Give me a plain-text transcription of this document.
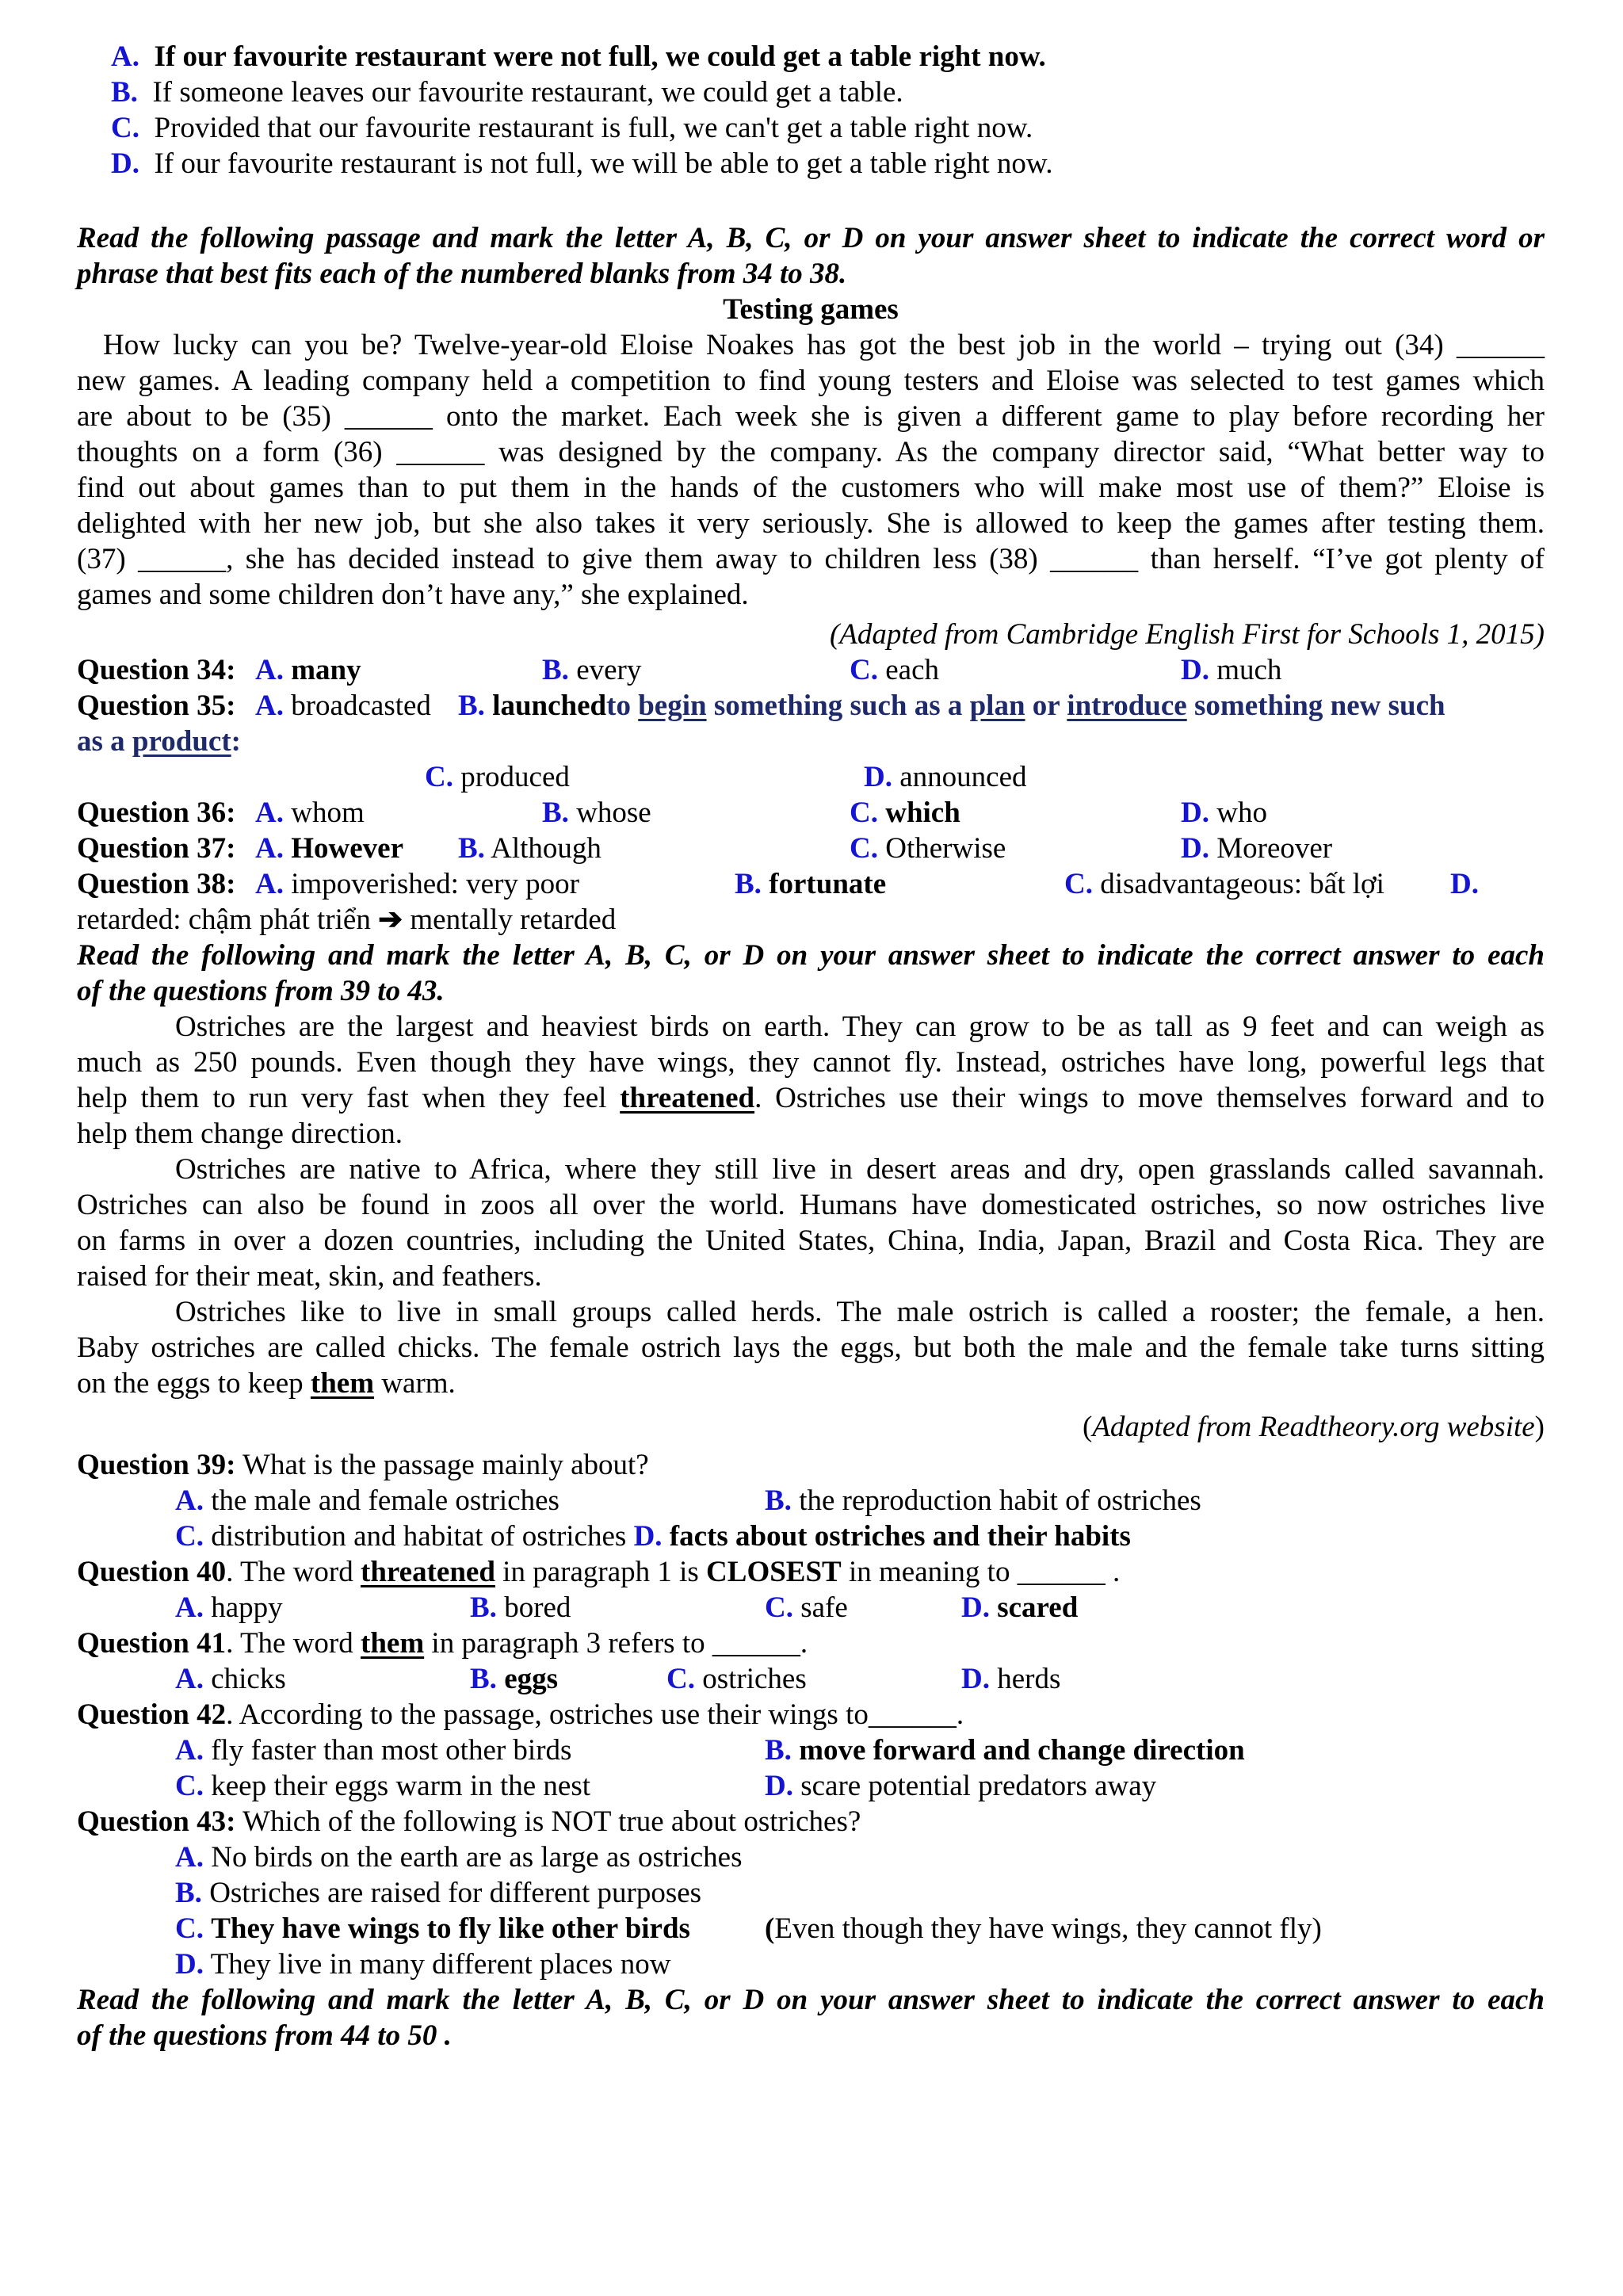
A. If our favourite restaurant were not full, we could get a table right now.
B. If someone leaves our favourite restaurant, we could get a table.
C. Provided that our favourite restaurant is full, we can't get a table right now.
D. If our favourite restaurant is not full, we will be able to get a table right now.
Read the following passage and mark the letter A, B, C, or D on your answer sheet to indicate the correct word or
phrase that best fits each of the numbered blanks from 34 to 38.
Testing games
How lucky can you be? Twelve-year-old Eloise Noakes has got the best job in the world – trying out (34) ______
new games. A leading company held a competition to find young testers and Eloise was selected to test games which
are about to be (35) ______ onto the market. Each week she is given a different game to play before recording her
thoughts on a form (36) ______ was designed by the company. As the company director said, “What better way to
find out about games than to put them in the hands of the customers who will make most use of them?” Eloise is
delighted with her new job, but she also takes it very seriously. She is allowed to keep the games after testing them.
(37) ______, she has decided instead to give them away to children less (38) ______ than herself. “I’ve got plenty of
games and some children don’t have any,” she explained.
(Adapted from Cambridge English First for Schools 1, 2015)
Question 34: A. many	B. every	C. each	D. much
Question 35: A. broadcasted B. launchedto begin something such as a plan or introduce something new such
as a product:
C. produced	D. announced
Question 36: A. whom	B. whose	C. which	D. who
Question 37: A. However B. Although	C. Otherwise	D. Moreover
Question 38: A. impoverished: very poor	B. fortunate	C. disadvantageous: bất lợi D.
retarded: chậm phát triển ➔ mentally retarded
Read the following and mark the letter A, B, C, or D on your answer sheet to indicate the correct answer to each
of the questions from 39 to 43.
Ostriches are the largest and heaviest birds on earth. They can grow to be as tall as 9 feet and can weigh as
much as 250 pounds. Even though they have wings, they cannot fly. Instead, ostriches have long, powerful legs that
help them to run very fast when they feel threatened. Ostriches use their wings to move themselves forward and to
help them change direction.
Ostriches are native to Africa, where they still live in desert areas and dry, open grasslands called savannah.
Ostriches can also be found in zoos all over the world. Humans have domesticated ostriches, so now ostriches live
on farms in over a dozen countries, including the United States, China, India, Japan, Brazil and Costa Rica. They are
raised for their meat, skin, and feathers.
Ostriches like to live in small groups called herds. The male ostrich is called a rooster; the female, a hen.
Baby ostriches are called chicks. The female ostrich lays the eggs, but both the male and the female take turns sitting
on the eggs to keep them warm.
(Adapted from Readtheory.org website)
Question 39: What is the passage mainly about?
A. the male and female ostriches	B. the reproduction habit of ostriches
C. distribution and habitat of ostriches D. facts about ostriches and their habits
Question 40. The word threatened in paragraph 1 is CLOSEST in meaning to ______ .
A. happy	B. bored	C. safe	D. scared
Question 41. The word them in paragraph 3 refers to ______.
A. chicks	B. eggs	C. ostriches	D. herds
Question 42. According to the passage, ostriches use their wings to______.
A. fly faster than most other birds	B. move forward and change direction
C. keep their eggs warm in the nest	D. scare potential predators away
Question 43: Which of the following is NOT true about ostriches?
A. No birds on the earth are as large as ostriches
B. Ostriches are raised for different purposes
C. They have wings to fly like other birds	(Even though they have wings, they cannot fly)
D. They live in many different places now
Read the following and mark the letter A, B, C, or D on your answer sheet to indicate the correct answer to each
of the questions from 44 to 50 .
